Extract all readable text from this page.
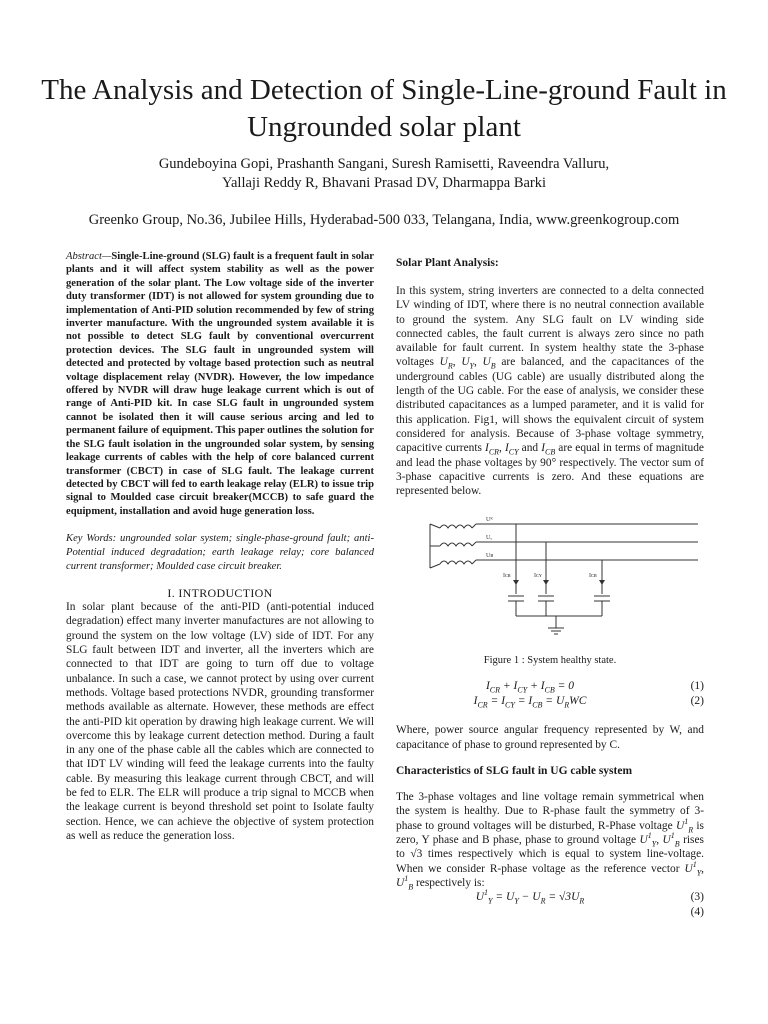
The Analysis and Detection of Single-Line-ground Fault in Ungrounded solar plant
Gundeboyina Gopi, Prashanth Sangani, Suresh Ramisetti, Raveendra Valluru,
Yallaji Reddy R, Bhavani Prasad DV, Dharmappa Barki
Greenko Group, No.36, Jubilee Hills, Hyderabad-500 033, Telangana, India, www.greenkogroup.com

Abstract—Single-Line-ground (SLG) fault is a frequent fault in solar plants and it will affect system stability as well as the power generation of the solar plant. The Low voltage side of the inverter duty transformer (IDT) is not allowed for system grounding due to implementation of Anti-PID solution recommended by few of string inverter manufacture. With the ungrounded system available it is not possible to detect SLG fault by conventional overcurrent protection devices. The SLG fault in ungrounded system will detected and protected by voltage based protection such as neutral voltage displacement relay (NVDR). However, the low impedance offered by NVDR will draw huge leakage current which is out of range of Anti-PID kit. In case SLG fault in ungrounded system cannot be isolated then it will cause serious arcing and led to permanent failure of equipment. This paper outlines the solution for the SLG fault isolation in the ungrounded solar system, by sensing leakage currents of cables with the help of core balanced current transformer (CBCT) in case of SLG fault. The leakage current detected by CBCT will fed to earth leakage relay (ELR) to issue trip signal to Moulded case circuit breaker(MCCB) to safe guard the equipment, installation and avoid huge generation loss.

Key Words: ungrounded solar system; single-phase-ground fault; anti-Potential induced degradation; earth leakage relay; core balanced current transformer; Moulded case circuit breaker.

I. INTRODUCTION

In solar plant because of the anti-PID (anti-potential induced degradation) effect many inverter manufactures are not allowing to ground the system on the low voltage (LV) side of IDT. For any SLG fault between IDT and inverter, all the inverters which are connected to that IDT are going to turn off due to voltage unbalance. In such a case, we cannot protect by using over current methods. Voltage based protections NVDR, grounding transformer methods available as alternate. However, these methods are effect the anti-PID kit operation by drawing high leakage current. We will overcome this by leakage current detection method. During a fault in any one of the phase cable all the cables which are connected to that IDT LV winding will feed the leakage currents into the faulty cable. By measuring this leakage current through CBCT, and will be fed to ELR. The ELR will produce a trip signal to MCCB when the leakage current is beyond threshold set point to Isolate faulty section. Hence, we can achieve the objective of system protection as well as reduce the generation loss.

Solar Plant Analysis:

In this system, string inverters are connected to a delta connected LV winding of IDT, where there is no neutral connection available to ground the system. Any SLG fault on LV winding side connected cables, the fault current is always zero since no path available for fault current. In system healthy state the 3-phase voltages $U_R$, $U_Y$, $U_B$ are balanced, and the capacitances of the underground cables (UG cable) are usually distributed along the length of the UG cable. For the ease of analysis, we consider these distributed capacitances as a lumped parameter, and it is valid for this application. Fig1, will shows the equivalent circuit of system considered for analysis. Because of 3-phase voltage symmetry, capacitive currents $I_{CR}$, $I_{CY}$ and $I_{CB}$ are equal in terms of magnitude and lead the phase voltages by 90° respectively. The vector sum of 3-phase capacitive currents is zero. And these equations are represented below.

Uᴿ
Uᵧ
Uʙ
Iᴄʀ	Iᴄʏ	Iᴄʙ
Figure 1 : System healthy state.
$I_{CR} + I_{CY} + I_{CB} = 0$	(1)
$I_{CR} = I_{CY} = I_{CB} = U_RWC$	(2)

Where, power source angular frequency represented by W, and capacitance of phase to ground represented by C.

Characteristics of SLG fault in UG cable system

The 3-phase voltages and line voltage remain symmetrical when the system is healthy. Due to R-phase fault the symmetry of 3-phase to ground voltages will be disturbed, R-Phase voltage $U^1_R$ is zero, Y phase and B phase, phase to ground voltage $U^1_Y$, $U^1_B$ rises to √3 times respectively which is equal to system line-voltage. When we consider R-phase voltage as the reference vector $U^1_Y$, $U^1_B$ respectively is:

$U^1_Y = U_Y - U_R = √3U_R$	(3)
(4)
